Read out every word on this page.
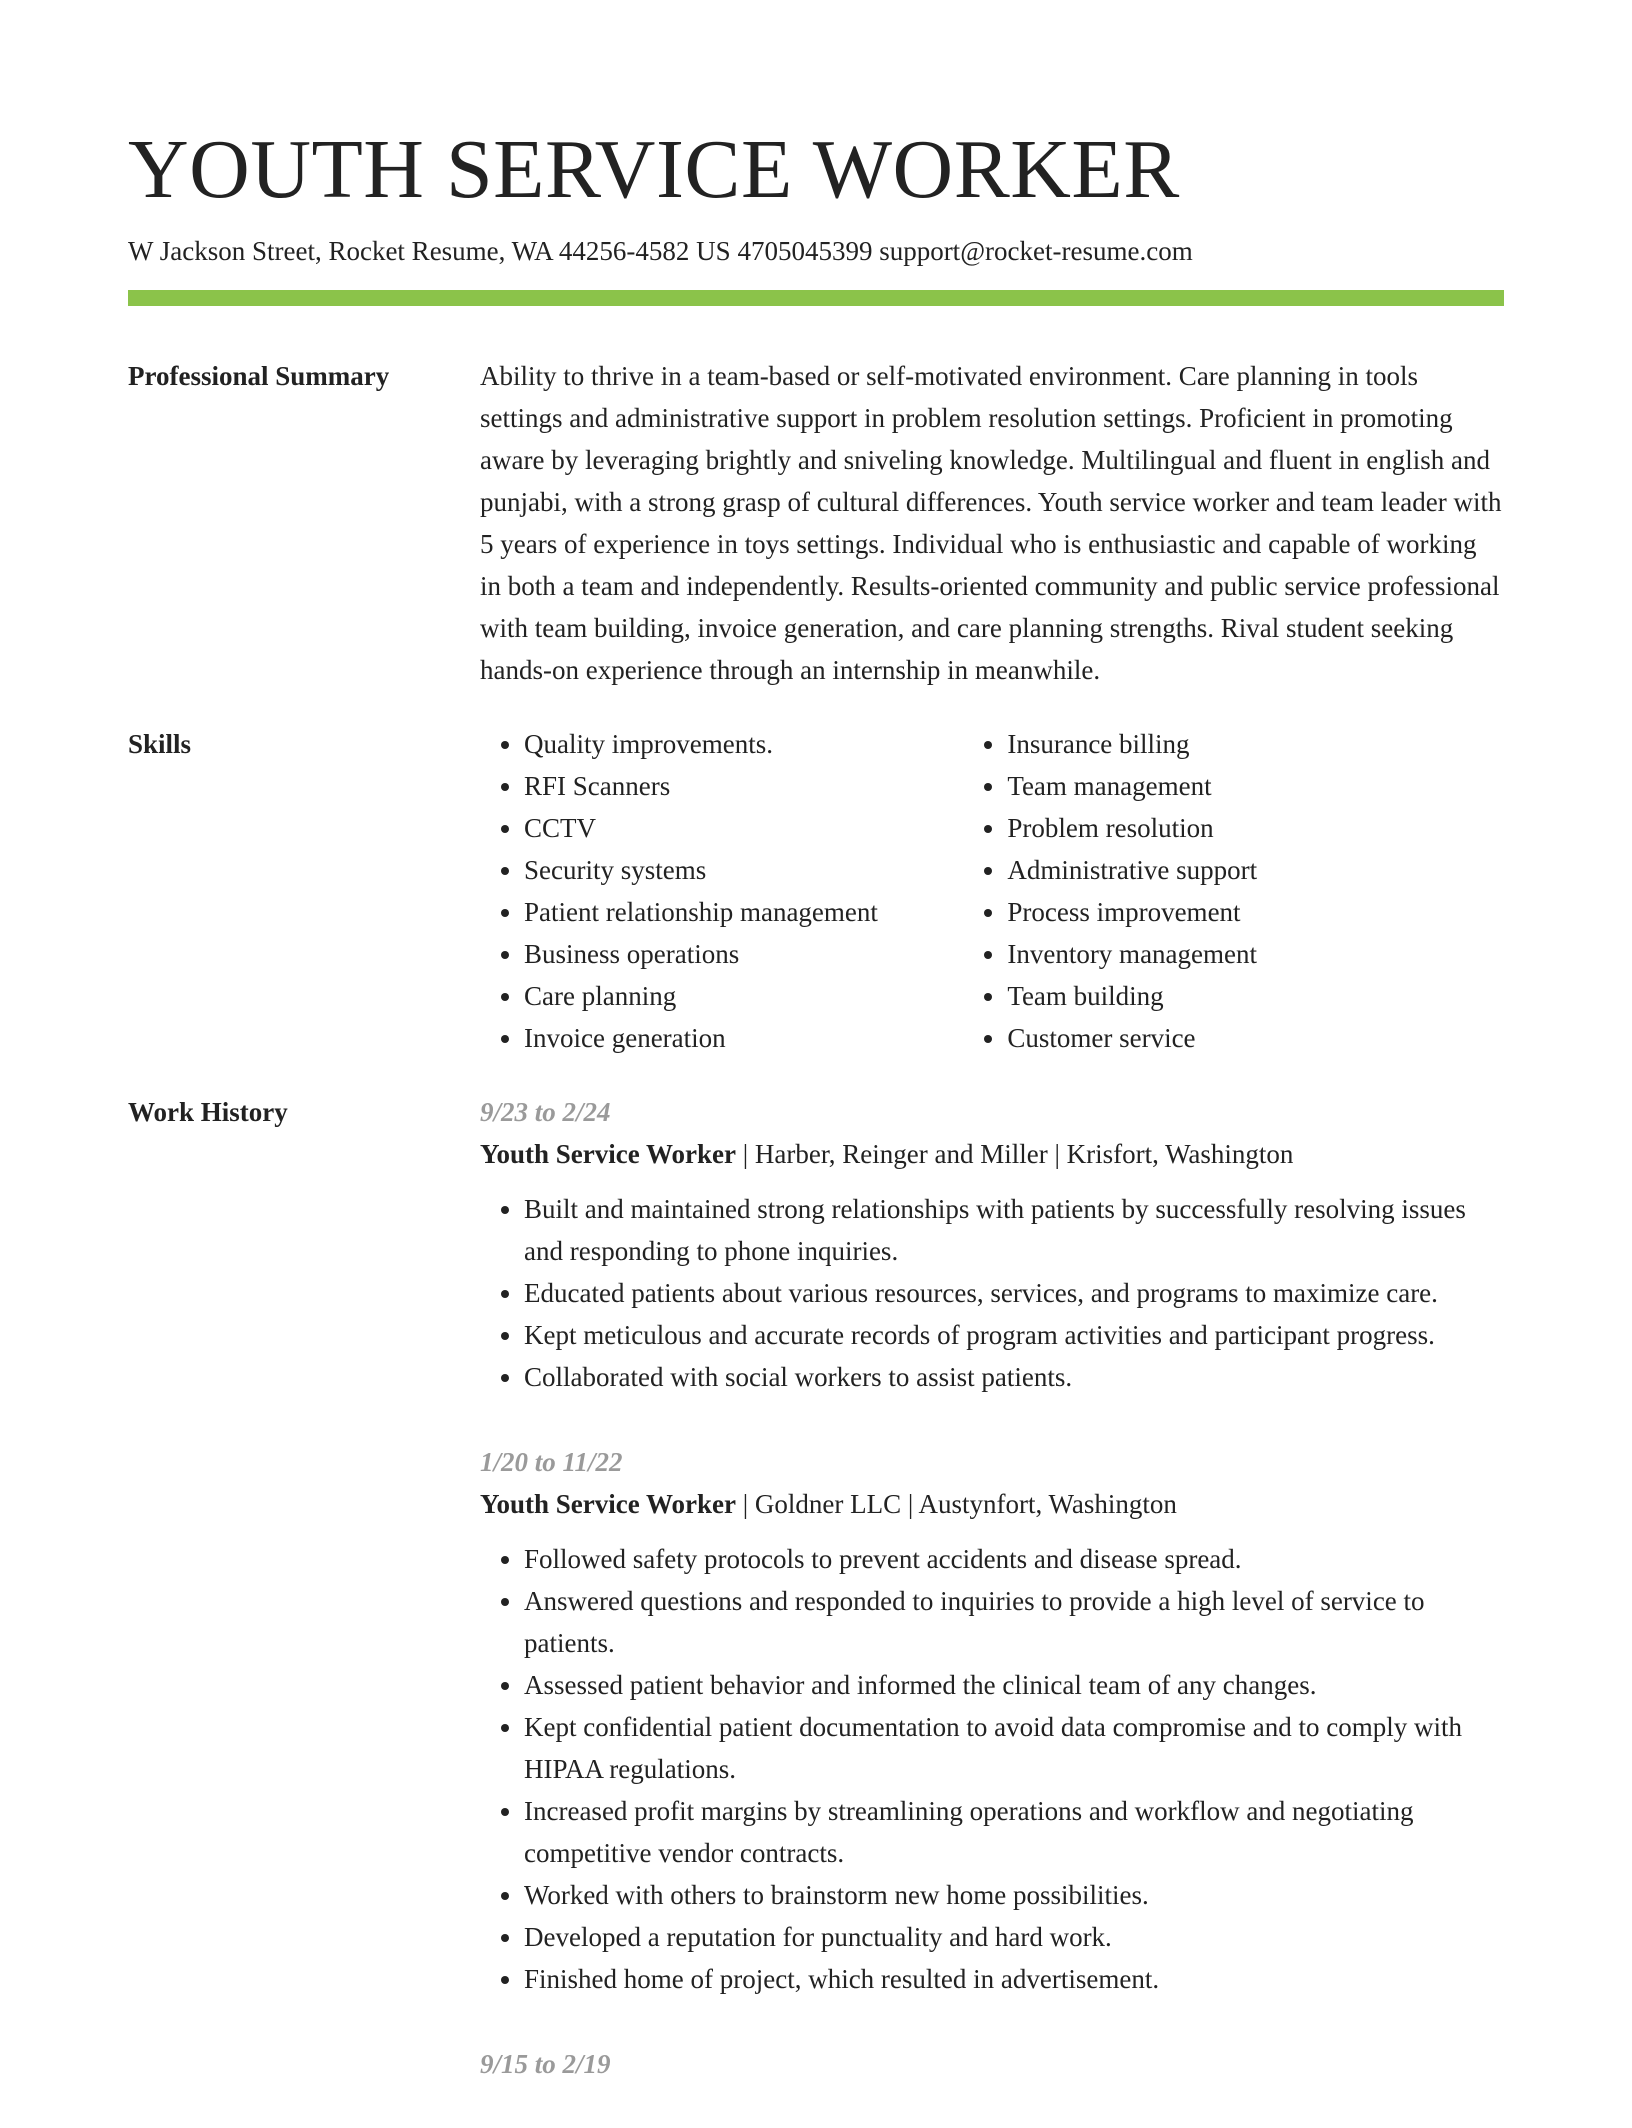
YOUTH SERVICE WORKER
W Jackson Street, Rocket Resume, WA 44256-4582 US 4705045399 support@rocket-resume.com
Professional Summary	Ability to thrive in a team-based or self-motivated environment. Care planning in tools settings and administrative support in problem resolution settings. Proficient in promoting aware by leveraging brightly and sniveling knowledge. Multilingual and fluent in english and punjabi, with a strong grasp of cultural differences. Youth service worker and team leader with 5 years of experience in toys settings. Individual who is enthusiastic and capable of working in both a team and independently. Results-oriented community and public service professional with team building, invoice generation, and care planning strengths. Rival student seeking hands-on experience through an internship in meanwhile.
Skills
•	Quality improvements.
• RFI Scanners
• CCTV
• Security systems
• Patient relationship management
• Business operations
• Care planning
• Invoice generation
• Insurance billing
• Team management
• Problem resolution
• Administrative support
• Process improvement
• Inventory management
• Team building
• Customer service
Work History	9/23 to 2/24
Youth Service Worker | Harber, Reinger and Miller | Krisfort, Washington
• Built and maintained strong relationships with patients by successfully resolving issues and responding to phone inquiries.
• Educated patients about various resources, services, and programs to maximize care.
• Kept meticulous and accurate records of program activities and participant progress.
• Collaborated with social workers to assist patients.
1/20 to 11/22
Youth Service Worker | Goldner LLC | Austynfort, Washington
• Followed safety protocols to prevent accidents and disease spread.
• Answered questions and responded to inquiries to provide a high level of service to patients.
• Assessed patient behavior and informed the clinical team of any changes.
• Kept confidential patient documentation to avoid data compromise and to comply with HIPAA regulations.
• Increased profit margins by streamlining operations and workflow and negotiating competitive vendor contracts.
• Worked with others to brainstorm new home possibilities.
• Developed a reputation for punctuality and hard work.
• Finished home of project, which resulted in advertisement.
9/15 to 2/19
